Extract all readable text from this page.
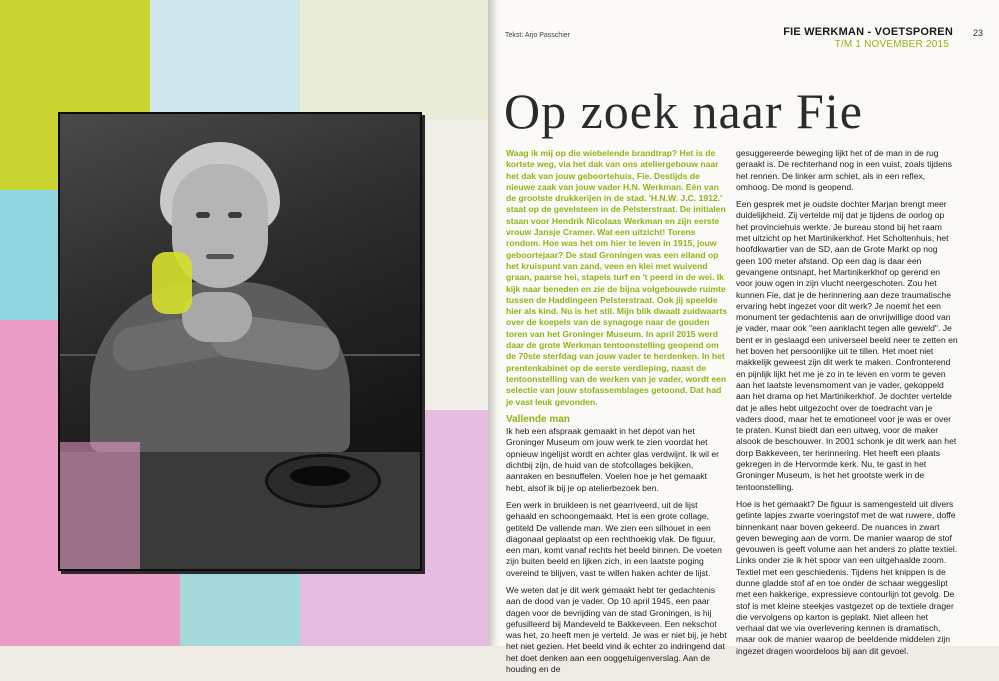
Tekst: Arjo Passchier	FIE WERKMAN - VOETSPOREN
T/M 1 NOVEMBER 2015
23
Op zoek naar Fie

Waag ik mij op die wiebelende brandtrap? Het is de kortste weg, via het dak van ons ateliergebouw naar het dak van jouw geboortehuis, Fie. Destijds de nieuwe zaak van jouw vader H.N. Werkman. Eén van de grootste drukkerijen in de stad. 'H.N.W. J.C. 1912.' staat op de gevelsteen in de Pelsterstraat. De initialen staan voor Hendrik Nicolaas Werkman en zijn eerste vrouw Jansje Cramer. Wat een uitzicht! Torens rondom. Hoe was het om hier te leven in 1915, jouw geboortejaar? De stad Groningen was een eiland op het kruispunt van zand, veen en klei met wuivend graan, paarse hei, stapels turf en 't peerd in de wei. Ik kijk naar beneden en zie de bijna volgebouwde ruimte tussen de Haddingeen Pelsterstraat. Ook jij speelde hier als kind. Nu is het stil. Mijn blik dwaalt zuidwaarts over de koepels van de synagoge naar de gouden toren van het Groninger Museum. In april 2015 werd daar de grote Werkman tentoonstelling geopend om de 70ste sterfdag van jouw vader te herdenken. In het prentenkabinet op de eerste verdieping, naast de tentoonstelling van de werken van je vader, wordt een selectie van jouw stofassemblages getoond. Dat had je vast leuk gevonden.

Vallende man

Ik heb een afspraak gemaakt in het depot van het Groninger Museum om jouw werk te zien voordat het opnieuw ingelijst wordt en achter glas verdwijnt. Ik wil er dichtbij zijn, de huid van de stofcollages bekijken, aanraken en besnuffelen. Voelen hoe je het gemaakt hebt, alsof ik bij je op atelierbezoek ben.

Een werk in bruikleen is net gearriveerd, uit de lijst gehaald en schoongemaakt. Het is een grote collage, getiteld De vallende man. We zien een silhouet in een diagonaal geplaatst op een rechthoekig vlak. De figuur, een man, komt vanaf rechts het beeld binnen. De voeten zijn buiten beeld en lijken zich, in een laatste poging overeind te blijven, vast te willen haken achter de lijst.

We weten dat je dit werk gemaakt hebt ter gedachtenis aan de dood van je vader. Op 10 april 1945, een paar dagen voor de bevrijding van de stad Groningen, is hij gefusilleerd bij Mandeveld te Bakkeveen. Een nekschot was het, zo heeft men je verteld. Je was er niet bij, je hebt het niet gezien. Het beeld vind ik echter zo indringend dat het doet denken aan een ooggetuigenverslag. Aan de houding en de

gesuggereerde beweging lijkt het of de man in de rug geraakt is. De rechterhand nog in een vuist, zoals tijdens het rennen. De linker arm schiet, als in een reflex, omhoog. De mond is geopend.

Een gesprek met je oudste dochter Marjan brengt meer duidelijkheid. Zij vertelde mij dat je tijdens de oorlog op het provinciehuis werkte. Je bureau stond bij het raam met uitzicht op het Martinikerkhof. Het Scholtenhuis, het hoofdkwartier van de SD, aan de Grote Markt op nog geen 100 meter afstand. Op een dag is daar een gevangene ontsnapt, het Martinikerkhof op gerend en voor jouw ogen in zijn vlucht neergeschoten. Zou het kunnen Fie, dat je de herinnering aan deze traumatische ervaring hebt ingezet voor dit werk? Je noemt het een monument ter gedachtenis aan de onvrijwillige dood van je vader, maar ook "een aanklacht tegen alle geweld". Je bent er in geslaagd een universeel beeld neer te zetten en het boven het persoonlijke uit te tillen. Het moet niet makkelijk geweest zijn dit werk te maken. Confronterend en pijnlijk lijkt het me je zo in te leven en vorm te geven aan het laatste levensmoment van je vader, gekoppeld aan het drama op het Martinikerkhof. Je dochter vertelde dat je alles hebt uitgezocht over de toedracht van je vaders dood, maar het te emotioneel voor je was er over te praten. Kunst biedt dan een uitweg, voor de maker alsook de beschouwer. In 2001 schonk je dit werk aan het dorp Bakkeveen, ter herinnering. Het heeft een plaats gekregen in de Hervormde kerk. Nu, te gast in het Groninger Museum, is het het grootste werk in de tentoonstelling.

Hoe is het gemaakt? De figuur is samengesteld uit divers getinte lapjes zwarte voeringstof met de wat ruwere, doffe binnenkant naar boven gekeerd. De nuances in zwart geven beweging aan de vorm. De manier waarop de stof gevouwen is geeft volume aan het anders zo platte textiel. Links onder zie ik het spoor van een uitgehaalde zoom. Textiel met een geschiedenis. Tijdens het knippen is de dunne gladde stof af en toe onder de schaar weggeslipt met een hakkerige, expressieve contourlijn tot gevolg. De stof is met kleine steekjes vastgezet op de textiele drager die vervolgens op karton is geplakt. Niet alleen het verhaal dat we via overlevering kennen is dramatisch, maar ook de manier waarop de beeldende middelen zijn ingezet dragen woordeloos bij aan dit gevoel.
